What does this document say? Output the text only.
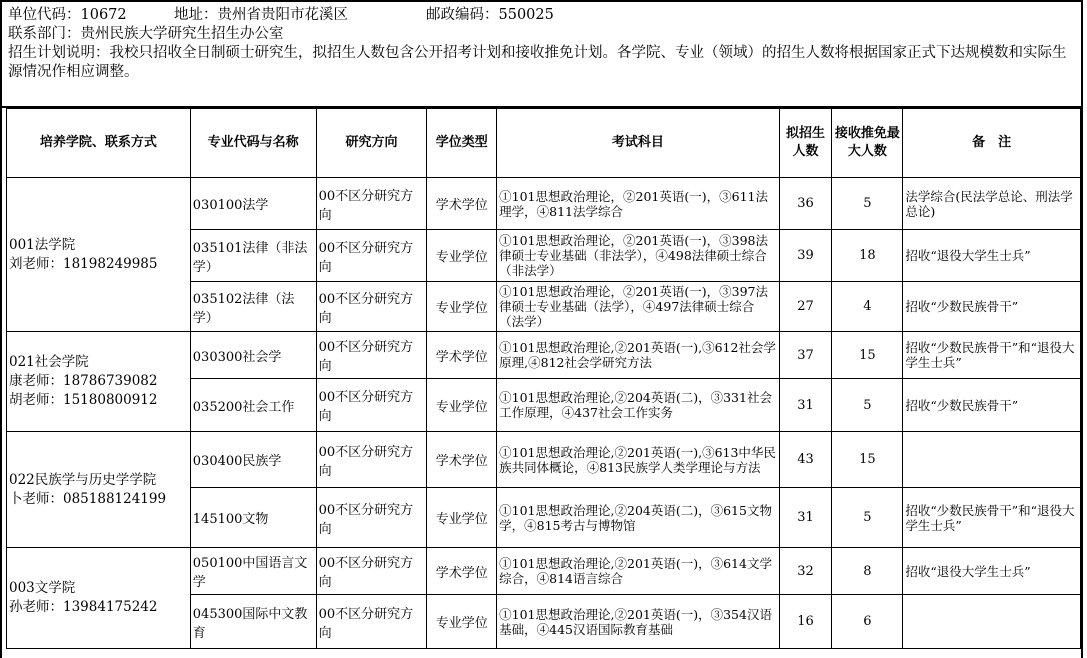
单位代码：10672	地址：贵州省贵阳市花溪区	邮政编码：550025
联系部门：贵州民族大学研究生招生办公室
招生计划说明：我校只招收全日制硕士研究生，拟招生人数包含公开招考计划和接收推免计划。各学院、专业（领域）的招生人数将根据国家正式下达规模数和实际生源情况作相应调整。
培养学院、联系方式	专业代码与名称	研究方向	学位类型	考试科目	拟招生人数	接收推免最大人数	备　注

001法学院
刘老师：18198249985	030100法学	00不区分研究方向	学术学位	①101思想政治理论，②201英语(一)，③611法理学，④811法学综合	36	5	法学综合(民法学总论、刑法学总论)
	035101法律（非法学）	00不区分研究方向	专业学位	①101思想政治理论，②201英语(一)，③398法律硕士专业基础（非法学），④498法律硕士综合（非法学）	39	18	招收“退役大学生士兵”
	035102法律（法学）	00不区分研究方向	专业学位	①101思想政治理论，②201英语(一)，③397法律硕士专业基础（法学），④497法律硕士综合（法学）	27	4	招收“少数民族骨干”

021社会学院
康老师：18786739082
胡老师：15180800912	030300社会学	00不区分研究方向	学术学位	①101思想政治理论,②201英语(一),③612社会学原理,④812社会学研究方法	37	15	招收“少数民族骨干”和“退役大学生士兵”
	035200社会工作	00不区分研究方向	专业学位	①101思想政治理论,②204英语(二)，③331社会工作原理，④437社会工作实务	31	5	招收“少数民族骨干”

022民族学与历史学学院
卜老师：085188124199	030400民族学	00不区分研究方向	学术学位	①101思想政治理论,②201英语(一),③613中华民族共同体概论，④813民族学人类学理论与方法	43	15	
	145100文物	00不区分研究方向	专业学位	①101思想政治理论,②204英语(二)，③615文物学，④815考古与博物馆	31	5	招收“少数民族骨干”和“退役大学生士兵”

003文学院
孙老师：13984175242	050100中国语言文学	00不区分研究方向	学术学位	①101思想政治理论,②201英语(一)，③614文学综合，④814语言综合	32	8	招收“退役大学生士兵”
	045300国际中文教育	00不区分研究方向	专业学位	①101思想政治理论,②201英语(一)，③354汉语基础，④445汉语国际教育基础	16	6	
